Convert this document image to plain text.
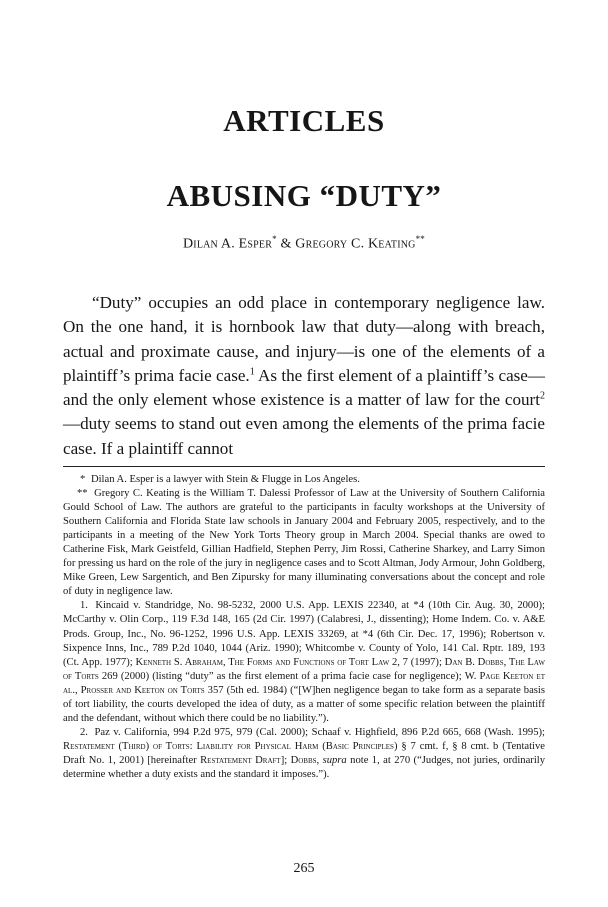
ARTICLES
ABUSING “DUTY”
Dilan A. Esper* & Gregory C. Keating**

“Duty” occupies an odd place in contemporary negligence law. On the one hand, it is hornbook law that duty—along with breach, actual and proximate cause, and injury—is one of the elements of a plaintiff’s prima facie case.$^1$ As the first element of a plaintiff’s case—and the only element whose existence is a matter of law for the court$^2$—duty seems to stand out even among the elements of the prima facie case. If a plaintiff cannot

* Dilan A. Esper is a lawyer with Stein & Flugge in Los Angeles.

** Gregory C. Keating is the William T. Dalessi Professor of Law at the University of Southern California Gould School of Law. The authors are grateful to the participants in faculty workshops at the University of Southern California and Florida State law schools in January 2004 and February 2005, respectively, and to the participants in a meeting of the New York Torts Theory group in March 2004. Special thanks are owed to Catherine Fisk, Mark Geistfeld, Gillian Hadfield, Stephen Perry, Jim Rossi, Catherine Sharkey, and Larry Simon for pressing us hard on the role of the jury in negligence cases and to Scott Altman, Jody Armour, John Goldberg, Mike Green, Lew Sargentich, and Ben Zipursky for many illuminating conversations about the concept and role of duty in negligence law.

1. Kincaid v. Standridge, No. 98-5232, 2000 U.S. App. LEXIS 22340, at *4 (10th Cir. Aug. 30, 2000); McCarthy v. Olin Corp., 119 F.3d 148, 165 (2d Cir. 1997) (Calabresi, J., dissenting); Home Indem. Co. v. A&E Prods. Group, Inc., No. 96-1252, 1996 U.S. App. LEXIS 33269, at *4 (6th Cir. Dec. 17, 1996); Robertson v. Sixpence Inns, Inc., 789 P.2d 1040, 1044 (Ariz. 1990); Whitcombe v. County of Yolo, 141 Cal. Rptr. 189, 193 (Ct. App. 1977); Kenneth S. Abraham, The Forms and Functions of Tort Law 2, 7 (1997); Dan B. Dobbs, The Law of Torts 269 (2000) (listing “duty” as the first element of a prima facie case for negligence); W. Page Keeton et al., Prosser and Keeton on Torts 357 (5th ed. 1984) (“[W]hen negligence began to take form as a separate basis of tort liability, the courts developed the idea of duty, as a matter of some specific relation between the plaintiff and the defendant, without which there could be no liability.”).

2. Paz v. California, 994 P.2d 975, 979 (Cal. 2000); Schaaf v. Highfield, 896 P.2d 665, 668 (Wash. 1995); Restatement (Third) of Torts: Liability for Physical Harm (Basic Principles) § 7 cmt. f, § 8 cmt. b (Tentative Draft No. 1, 2001) [hereinafter Restatement Draft]; Dobbs, supra note 1, at 270 (“Judges, not juries, ordinarily determine whether a duty exists and the standard it imposes.”).

265
